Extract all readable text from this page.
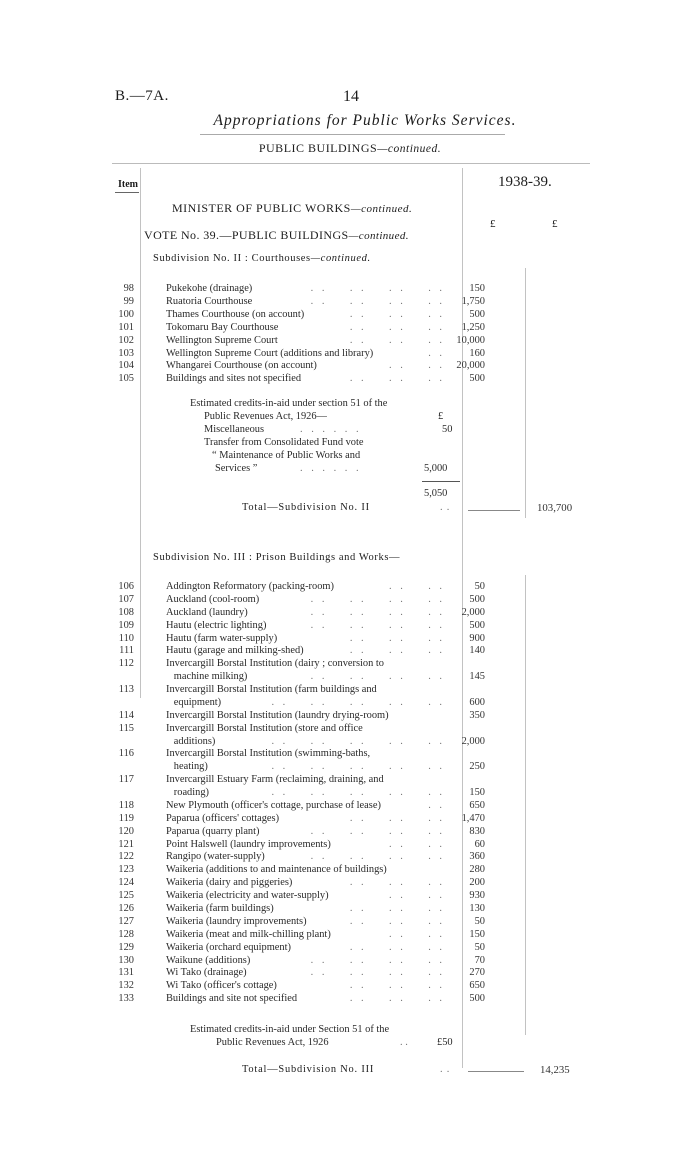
B.—7A.	14
Appropriations for Public Works Services.
PUBLIC BUILDINGS—continued.
Item	1938-39.
MINISTER OF PUBLIC WORKS—continued.
£	£
VOTE No. 39.—PUBLIC BUILDINGS—continued.
Subdivision No. II : Courthouses—continued.
98	Pukekohe (drainage)	. .    . .    . .    . . 150
99	Ruatoria Courthouse	. .    . .    . .    . . 1,750
100	Thames Courthouse (on account)	. .    . .    . . 500
101	Tokomaru Bay Courthouse	. .    . .    . . 1,250
102	Wellington Supreme Court	. .    . .    . . 10,000
103	Wellington Supreme Court (additions and library)	. . 160
104	Whangarei Courthouse (on account)	. .    . . 20,000
105	Buildings and sites not specified	. .    . .    . . 500
Estimated credits-in-aid under section 51 of the
Public Revenues Act, 1926—	£
Miscellaneous	. . . . . .	50
Transfer from Consolidated Fund vote
“ Maintenance of Public Works and
Services ”	. . . . . .	5,000
5,050
Total—Subdivision No. II	. .	103,700
Subdivision No. III : Prison Buildings and Works—
106	Addington Reformatory (packing-room)	. .    . .	50
107	Auckland (cool-room)	. .    . .    . .    . . 500
108	Auckland (laundry)	. .    . .    . .    . . 2,000
109	Hautu (electric lighting)	. .    . .    . .    . . 500
110	Hautu (farm water-supply)	. .    . .    . . 900
111	Hautu (garage and milking-shed)	. .    . .    . . 140
112	Invercargill Borstal Institution (dairy ; conversion to
machine milking)	. .    . .    . .    . . 145
113	Invercargill Borstal Institution (farm buildings and
equipment)	. .    . .    . .    . .    . . 600
114	Invercargill Borstal Institution (laundry drying-room)	350
115	Invercargill Borstal Institution (store and office
additions)	. .    . .    . .    . .    . . 2,000
116	Invercargill Borstal Institution (swimming-baths,
heating)	. .    . .    . .    . .    . . 250
117	Invercargill Estuary Farm (reclaiming, draining, and
roading)	. .    . .    . .    . .    . . 150
118	New Plymouth (officer's cottage, purchase of lease)	. . 650
119	Paparua (officers' cottages)	. .    . .    . . 1,470
120	Paparua (quarry plant)	. .    . .    . .    . . 830
121	Point Halswell (laundry improvements)	. .    . .	60
122	Rangipo (water-supply)	. .    . .    . .    . . 360
123	Waikeria (additions to and maintenance of buildings)	280
124	Waikeria (dairy and piggeries)	. .    . .    . . 200
125	Waikeria (electricity and water-supply)	. .    . . 930
126	Waikeria (farm buildings)	. .    . .    . . 130
127	Waikeria (laundry improvements)	. .    . .    . .	50
128	Waikeria (meat and milk-chilling plant)	. .    . . 150
129	Waikeria (orchard equipment)	. .    . .    . .	50
130	Waikune (additions)	. .    . .    . .    . .	70
131	Wi Tako (drainage)	. .    . .    . .    . . 270
132	Wi Tako (officer's cottage)	. .    . .    . . 650
133	Buildings and site not specified	. .    . .    . . 500
Estimated credits-in-aid under Section 51 of the
Public Revenues Act, 1926	. .	£50
Total—Subdivision No. III	. .	14,235
